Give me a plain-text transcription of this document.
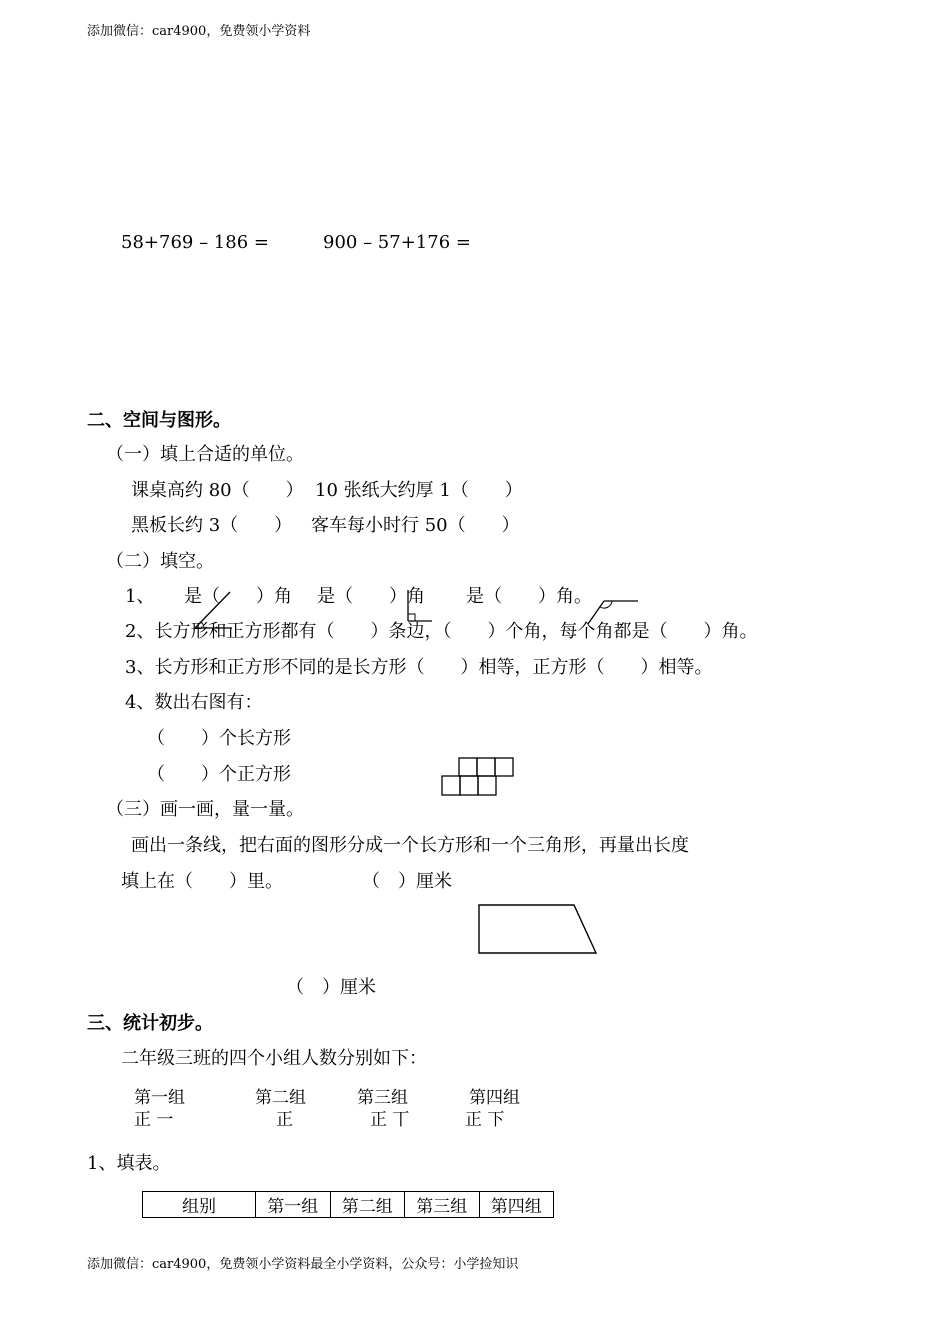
添加微信：car4900，免费领小学资料
添加微信：car4900，免费领小学资料最全小学资料，公众号：小学捡知识
58+769 – 186 =	900 – 57+176 =
二、空间与图形。
（一）填上合适的单位。
课桌高约 80（　　） 10 张纸大约厚 1（　　）
黑板长约 3（　　） 客车每小时行 50（　　）
（二）填空。
1、 是（　　）角 是（　　）角 是（　　）角。
2、长方形和正方形都有（　　）条边，（　　）个角，每个角都是（　　）角。
3、长方形和正方形不同的是长方形（　　）相等，正方形（　　）相等。
4、数出右图有：
（　　）个长方形
（　　）个正方形
（三）画一画，量一量。
画出一条线，把右面的图形分成一个长方形和一个三角形，再量出长度
填上在（　　）里。	（　）厘米
（　）厘米
三、统计初步。
二年级三班的四个小组人数分别如下：
第一组	第二组	第三组	第四组
正 一	正	正 丅	正 下
1、填表。
组别	第一组	第二组	第三组	第四组
